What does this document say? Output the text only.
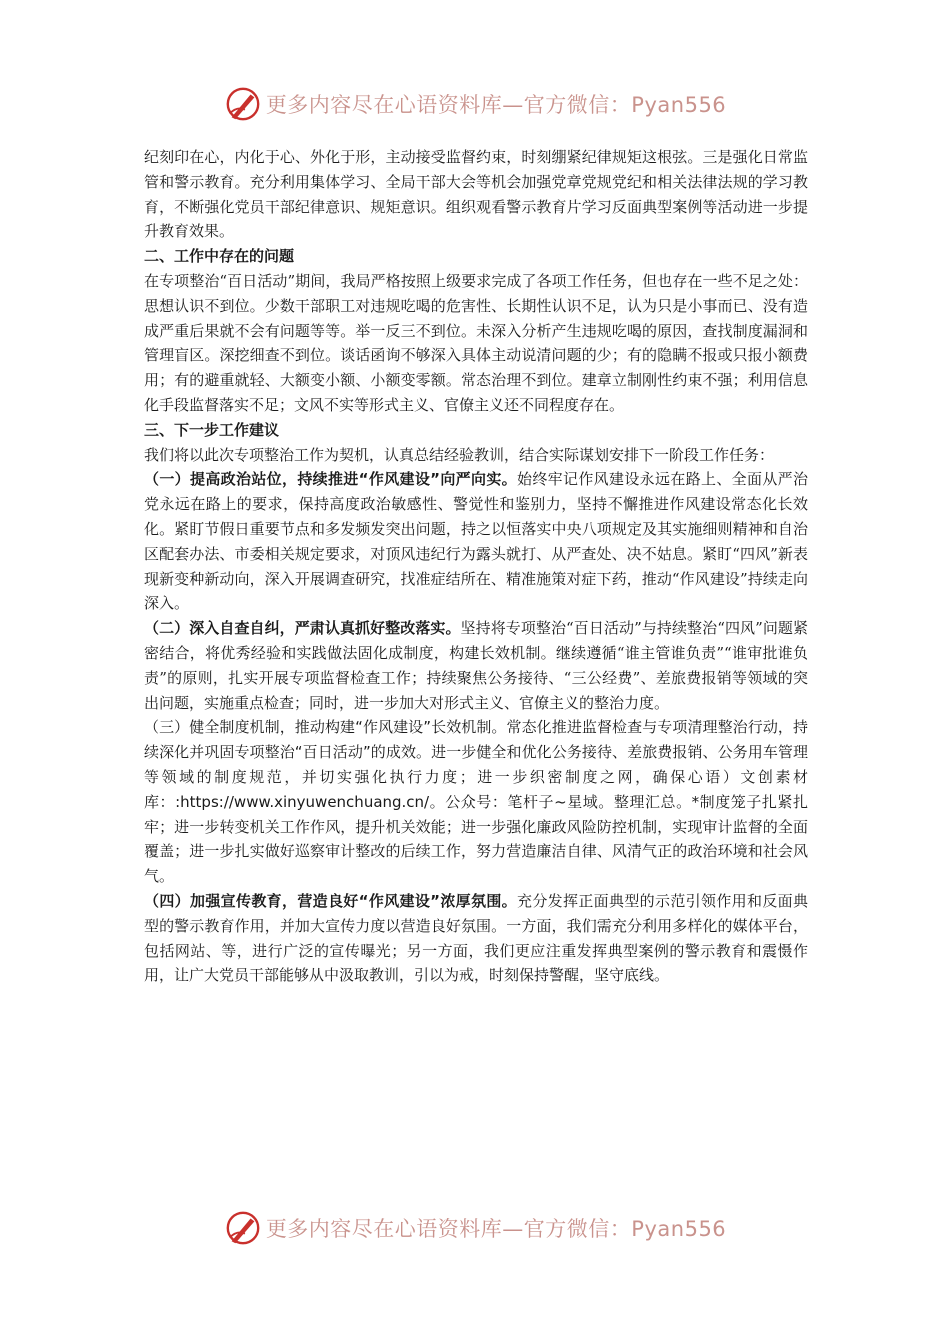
更多内容尽在心语资料库—官方微信：Pyan556

纪刻印在心，内化于心、外化于形，主动接受监督约束，时刻绷紧纪律规矩这根弦。三是强化日常监管和警示教育。充分利用集体学习、全局干部大会等机会加强党章党规党纪和相关法律法规的学习教育，不断强化党员干部纪律意识、规矩意识。组织观看警示教育片学习反面典型案例等活动进一步提升教育效果。

二、工作中存在的问题

在专项整治“百日活动”期间，我局严格按照上级要求完成了各项工作任务，但也存在一些不足之处：思想认识不到位。少数干部职工对违规吃喝的危害性、长期性认识不足，认为只是小事而已、没有造成严重后果就不会有问题等等。举一反三不到位。未深入分析产生违规吃喝的原因，查找制度漏洞和管理盲区。深挖细查不到位。谈话函询不够深入具体主动说清问题的少；有的隐瞒不报或只报小额费用；有的避重就轻、大额变小额、小额变零额。常态治理不到位。建章立制刚性约束不强；利用信息化手段监督落实不足；文风不实等形式主义、官僚主义还不同程度存在。

三、下一步工作建议

我们将以此次专项整治工作为契机，认真总结经验教训，结合实际谋划安排下一阶段工作任务：

（一）提高政治站位，持续推进“作风建设”向严向实。始终牢记作风建设永远在路上、全面从严治党永远在路上的要求，保持高度政治敏感性、警觉性和鉴别力，坚持不懈推进作风建设常态化长效化。紧盯节假日重要节点和多发频发突出问题，持之以恒落实中央八项规定及其实施细则精神和自治区配套办法、市委相关规定要求，对顶风违纪行为露头就打、从严查处、决不姑息。紧盯“四风”新表现新变种新动向，深入开展调查研究，找准症结所在、精准施策对症下药，推动“作风建设”持续走向深入。

（二）深入自查自纠，严肃认真抓好整改落实。坚持将专项整治“百日活动”与持续整治“四风”问题紧密结合，将优秀经验和实践做法固化成制度，构建长效机制。继续遵循“谁主管谁负责”“谁审批谁负责”的原则，扎实开展专项监督检查工作；持续聚焦公务接待、“三公经费”、差旅费报销等领域的突出问题，实施重点检查；同时，进一步加大对形式主义、官僚主义的整治力度。

（三）健全制度机制，推动构建“作风建设”长效机制。常态化推进监督检查与专项清理整治行动，持续深化并巩固专项整治“百日活动”的成效。进一步健全和优化公务接待、差旅费报销、公务用车管理等领域的制度规范，并切实强化执行力度；进一步织密制度之网，确保心语）文创素材库：:https://www.xinyuwenchuang.cn/。公众号：笔杆子~星域。整理汇总。*制度笼子扎紧扎牢；进一步转变机关工作作风，提升机关效能；进一步强化廉政风险防控机制，实现审计监督的全面覆盖；进一步扎实做好巡察审计整改的后续工作，努力营造廉洁自律、风清气正的政治环境和社会风气。

（四）加强宣传教育，营造良好“作风建设”浓厚氛围。充分发挥正面典型的示范引领作用和反面典型的警示教育作用，并加大宣传力度以营造良好氛围。一方面，我们需充分利用多样化的媒体平台，包括网站、等，进行广泛的宣传曝光；另一方面，我们更应注重发挥典型案例的警示教育和震慑作用，让广大党员干部能够从中汲取教训，引以为戒，时刻保持警醒，坚守底线。

更多内容尽在心语资料库—官方微信：Pyan556
